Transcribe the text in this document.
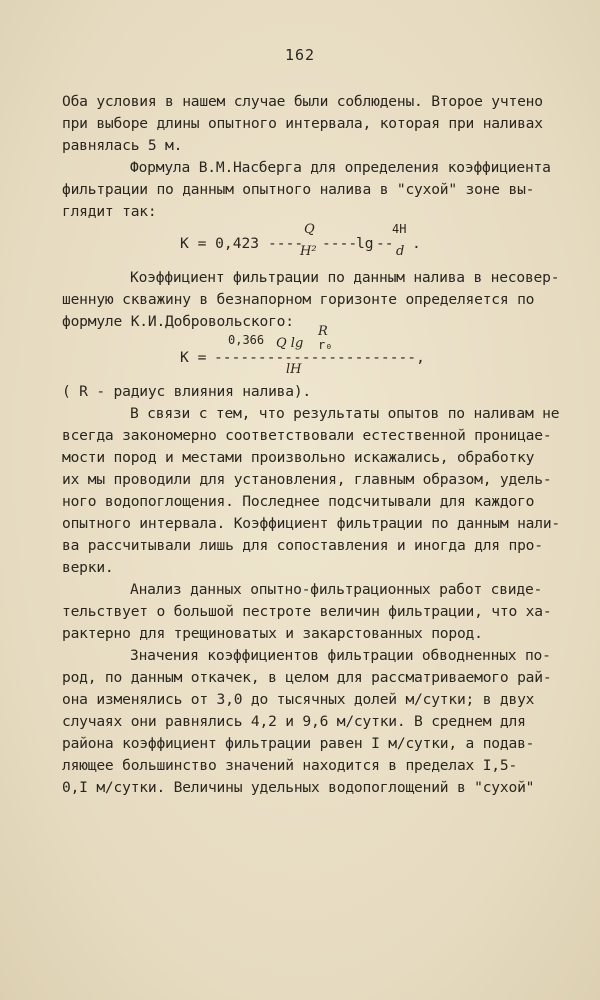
162
Оба условия в нашем случае были соблюдены. Второе учтено
при выборе длины опытного интервала, которая при наливах
равнялась 5 м.
Формула В.М.Насберга для определения коэффициента
фильтрации по данным опытного налива в "сухой" зоне вы-
глядит так:
К = 0,423 ----
Q
H² ----
lg --
4H
d .
Коэффициент фильтрации по данным налива в несовер-
шенную скважину в безнапорном горизонте определяется по
формуле К.И.Добровольского:
0,366 Q lg
R
r₀
К =
-----------------------,
lH
( R - радиус влияния налива).
В связи с тем, что результаты опытов по наливам не
всегда закономерно соответствовали естественной проницае-
мости пород и местами произвольно искажались, обработку
их мы проводили для установления, главным образом, удель-
ного водопоглощения. Последнее подсчитывали для каждого
опытного интервала. Коэффициент фильтрации по данным нали-
ва рассчитывали лишь для сопоставления и иногда для про-
верки.
Анализ данных опытно-фильтрационных работ свиде-
тельствует о большой пестроте величин фильтрации, что ха-
рактерно для трещиноватых и закарстованных пород.
Значения коэффициентов фильтрации обводненных по-
род, по данным откачек, в целом для рассматриваемого рай-
она изменялись от 3,0 до тысячных долей м/сутки; в двух
случаях они равнялись 4,2 и 9,6 м/сутки. В среднем для
района коэффициент фильтрации равен I м/сутки, а подав-
ляющее большинство значений находится в пределах I,5-
0,I м/сутки. Величины удельных водопоглощений в "сухой"
